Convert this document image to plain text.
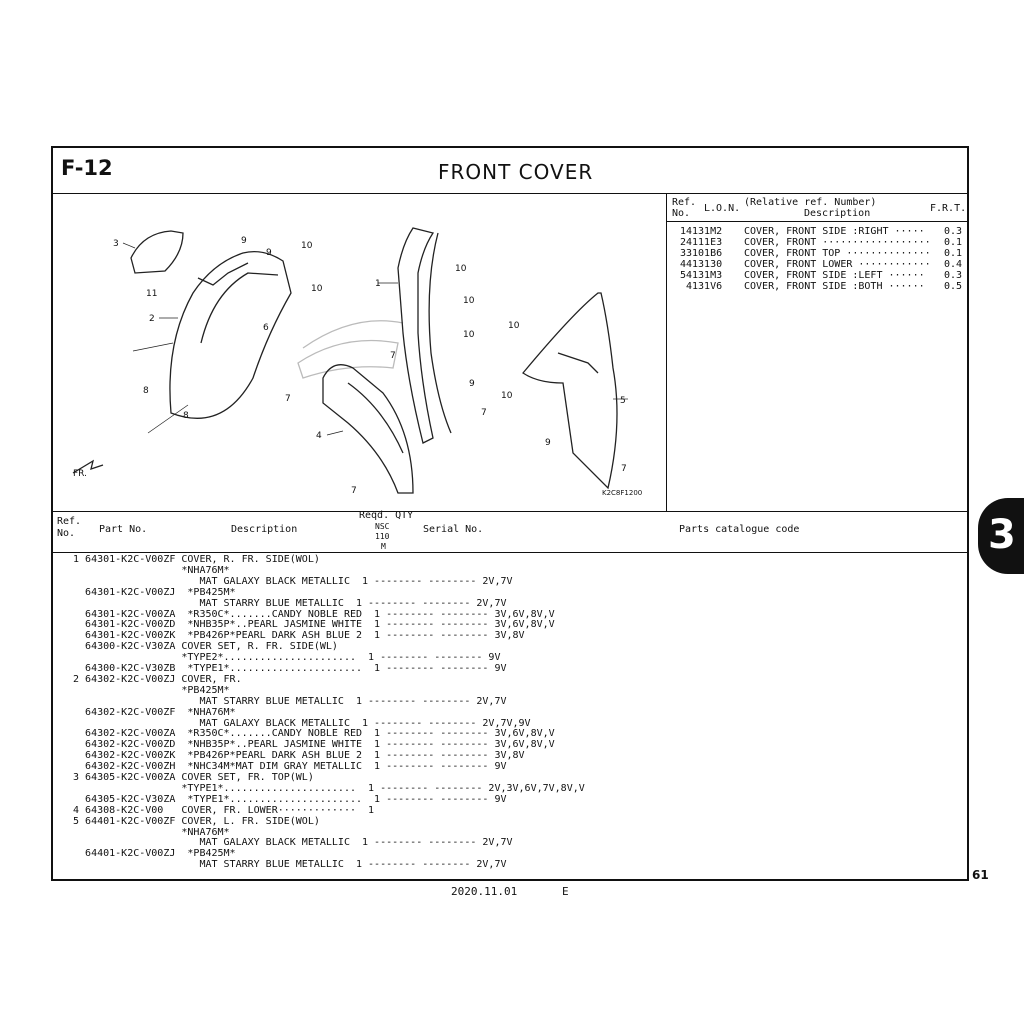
F-12	FRONT COVER
3
2
1
4
5
6
7
7
7
7
7
8
8
9
9
9
9
10
10
10
10
10
10
10
11
FR.
K2C8F1200
Ref.
No. L.O.N.
(Relative ref. Number)
Description	F.R.T.
1 4131M2 COVER, FRONT SIDE :RIGHT ····· 0.3
2 4111E3 COVER, FRONT ·················· 0.1
3 3101B6 COVER, FRONT TOP ·············· 0.1
4 413130 COVER, FRONT LOWER ············ 0.4
5 4131M3 COVER, FRONT SIDE :LEFT ······ 0.3
4131V6 COVER, FRONT SIDE :BOTH ······ 0.5
Ref.
No. Part No.	Description
Reqd. QTY
NSC
110
M
Serial No.	Parts catalogue code
1 64301-K2C-V00ZF COVER, R. FR. SIDE(WOL)
*NHA76M*
MAT GALAXY BLACK METALLIC  1 -------- -------- 2V,7V
64301-K2C-V00ZJ  *PB425M*
MAT STARRY BLUE METALLIC  1 -------- -------- 2V,7V
64301-K2C-V00ZA  *R350C*.......CANDY NOBLE RED  1 -------- -------- 3V,6V,8V,V
64301-K2C-V00ZD  *NHB35P*..PEARL JASMINE WHITE  1 -------- -------- 3V,6V,8V,V
64301-K2C-V00ZK  *PB426P*PEARL DARK ASH BLUE 2  1 -------- -------- 3V,8V
64300-K2C-V30ZA COVER SET, R. FR. SIDE(WL)
*TYPE2*......................  1 -------- -------- 9V
64300-K2C-V30ZB  *TYPE1*......................  1 -------- -------- 9V
2 64302-K2C-V00ZJ COVER, FR.
*PB425M*
MAT STARRY BLUE METALLIC  1 -------- -------- 2V,7V
64302-K2C-V00ZF  *NHA76M*
MAT GALAXY BLACK METALLIC  1 -------- -------- 2V,7V,9V
64302-K2C-V00ZA  *R350C*.......CANDY NOBLE RED  1 -------- -------- 3V,6V,8V,V
64302-K2C-V00ZD  *NHB35P*..PEARL JASMINE WHITE  1 -------- -------- 3V,6V,8V,V
64302-K2C-V00ZK  *PB426P*PEARL DARK ASH BLUE 2  1 -------- -------- 3V,8V
64302-K2C-V00ZH  *NHC34M*MAT DIM GRAY METALLIC  1 -------- -------- 9V
3 64305-K2C-V00ZA COVER SET, FR. TOP(WL)
*TYPE1*......................  1 -------- -------- 2V,3V,6V,7V,8V,V
64305-K2C-V30ZA  *TYPE1*......................  1 -------- -------- 9V
4 64308-K2C-V00   COVER, FR. LOWER·············  1
5 64401-K2C-V00ZF COVER, L. FR. SIDE(WOL)
*NHA76M*
MAT GALAXY BLACK METALLIC  1 -------- -------- 2V,7V
64401-K2C-V00ZJ  *PB425M*
MAT STARRY BLUE METALLIC  1 -------- -------- 2V,7V
3
61
2020.11.01	E
